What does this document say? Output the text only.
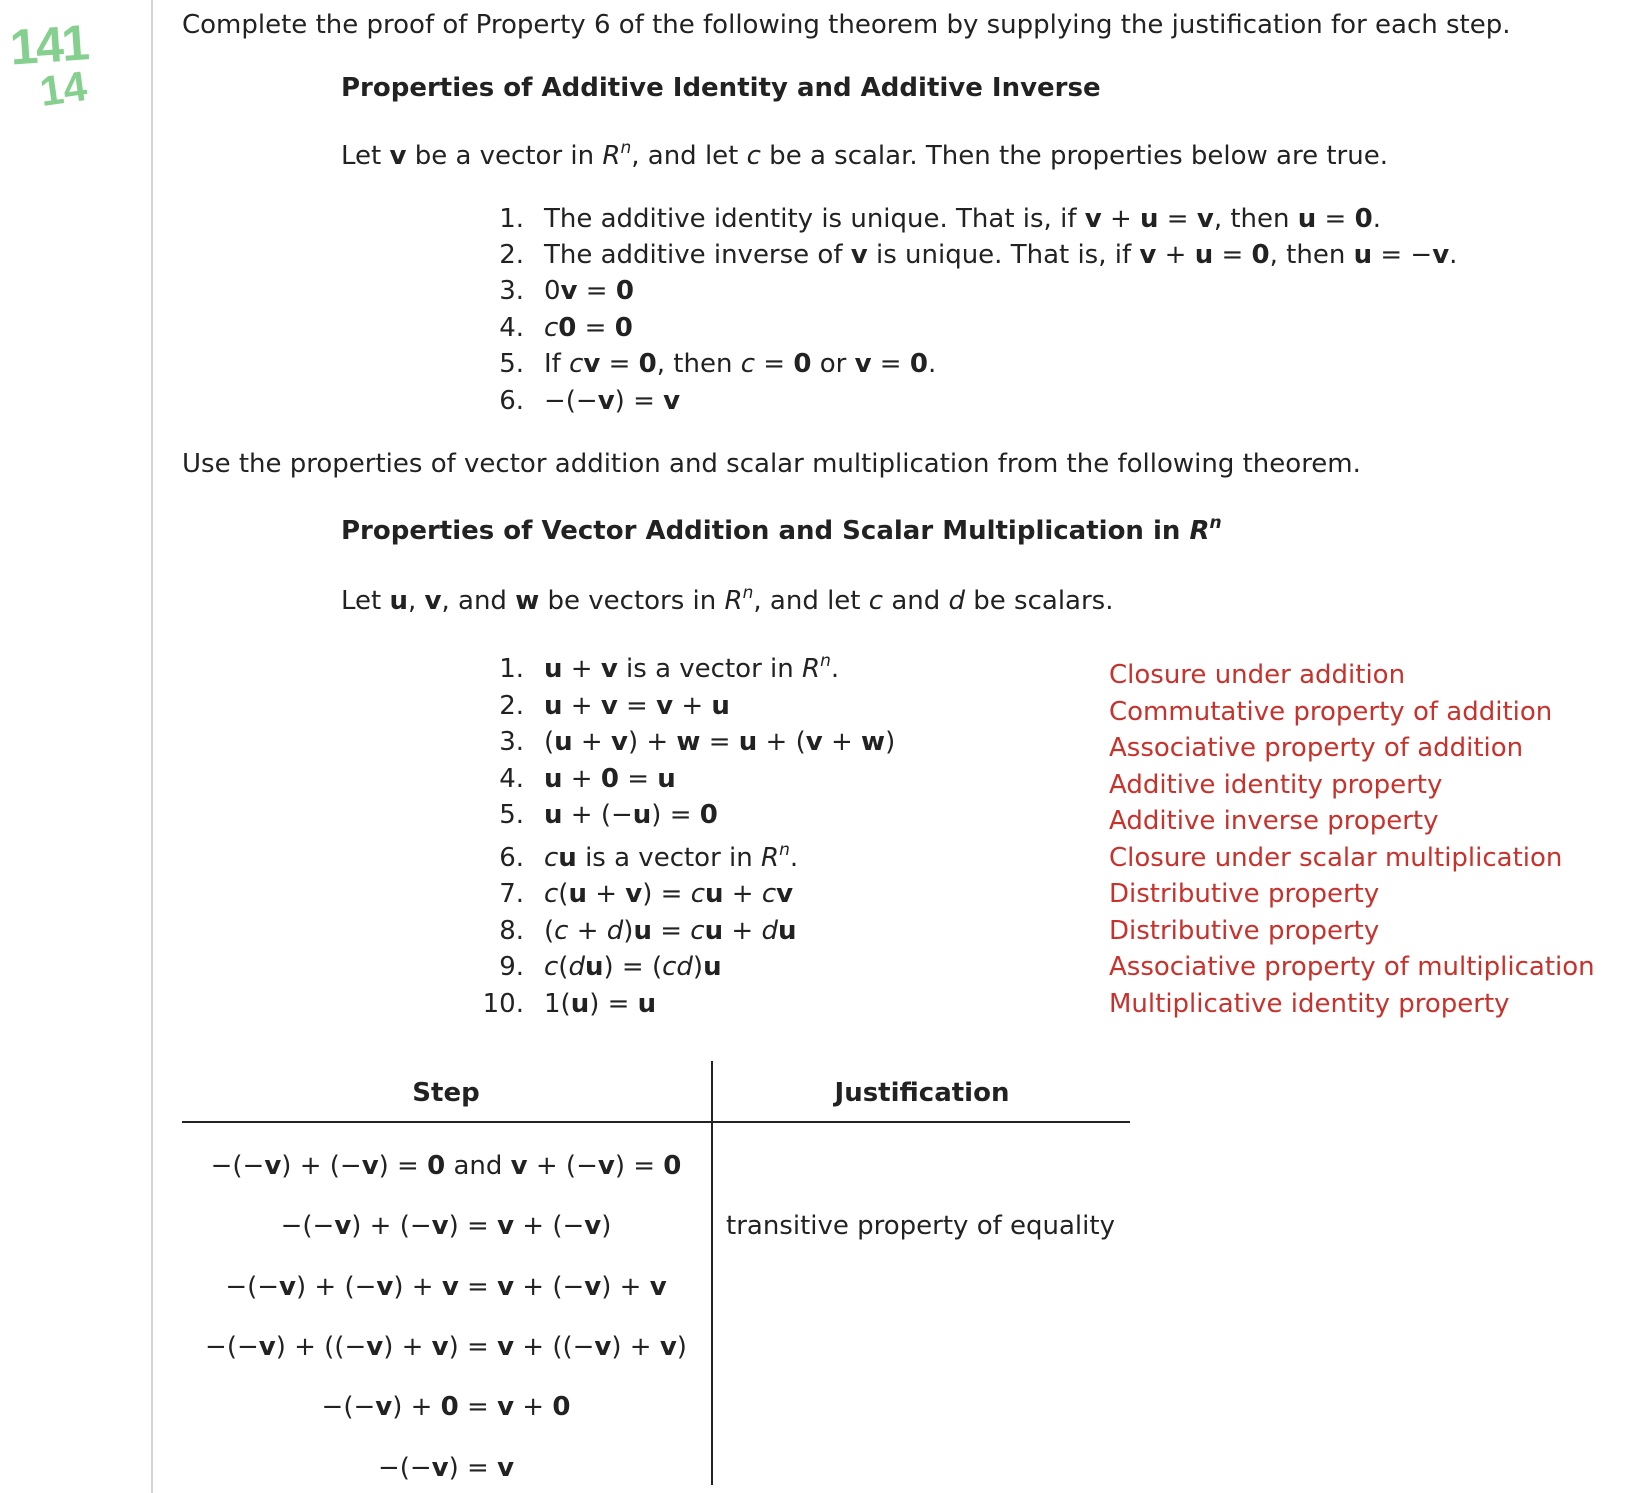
141
14
Complete the proof of Property 6 of the following theorem by supplying the justification for each step.
Properties of Additive Identity and Additive Inverse
Let v be a vector in $R^n$, and let c be a scalar. Then the properties below are true.
1. The additive identity is unique. That is, if v + u = v, then u = 0.
2. The additive inverse of v is unique. That is, if v + u = 0, then u = −v.
3. 0v = 0
4. c0 = 0
5. If cv = 0, then c = 0 or v = 0.
6. −(−v) = v
Use the properties of vector addition and scalar multiplication from the following theorem.
Properties of Vector Addition and Scalar Multiplication in $R^n$
Let u, v, and w be vectors in $R^n$, and let c and d be scalars.
1. u + v is a vector in $R^n$.	Closure under addition
2. u + v = v + u	Commutative property of addition
3. (u + v) + w = u + (v + w)	Associative property of addition
4. u + 0 = u	Additive identity property
5. u + (−u) = 0	Additive inverse property
6. cu is a vector in $R^n$.	Closure under scalar multiplication
7. c(u + v) = cu + cv	Distributive property
8. (c + d)u = cu + du	Distributive property
9. c(du) = (cd)u	Associative property of multiplication
10. 1(u) = u	Multiplicative identity property
Step	Justification
−(−v) + (−v) = 0 and v + (−v) = 0
−(−v) + (−v) = v + (−v)	transitive property of equality
−(−v) + (−v) + v = v + (−v) + v
−(−v) + ((−v) + v) = v + ((−v) + v)
−(−v) + 0 = v + 0
−(−v) = v
